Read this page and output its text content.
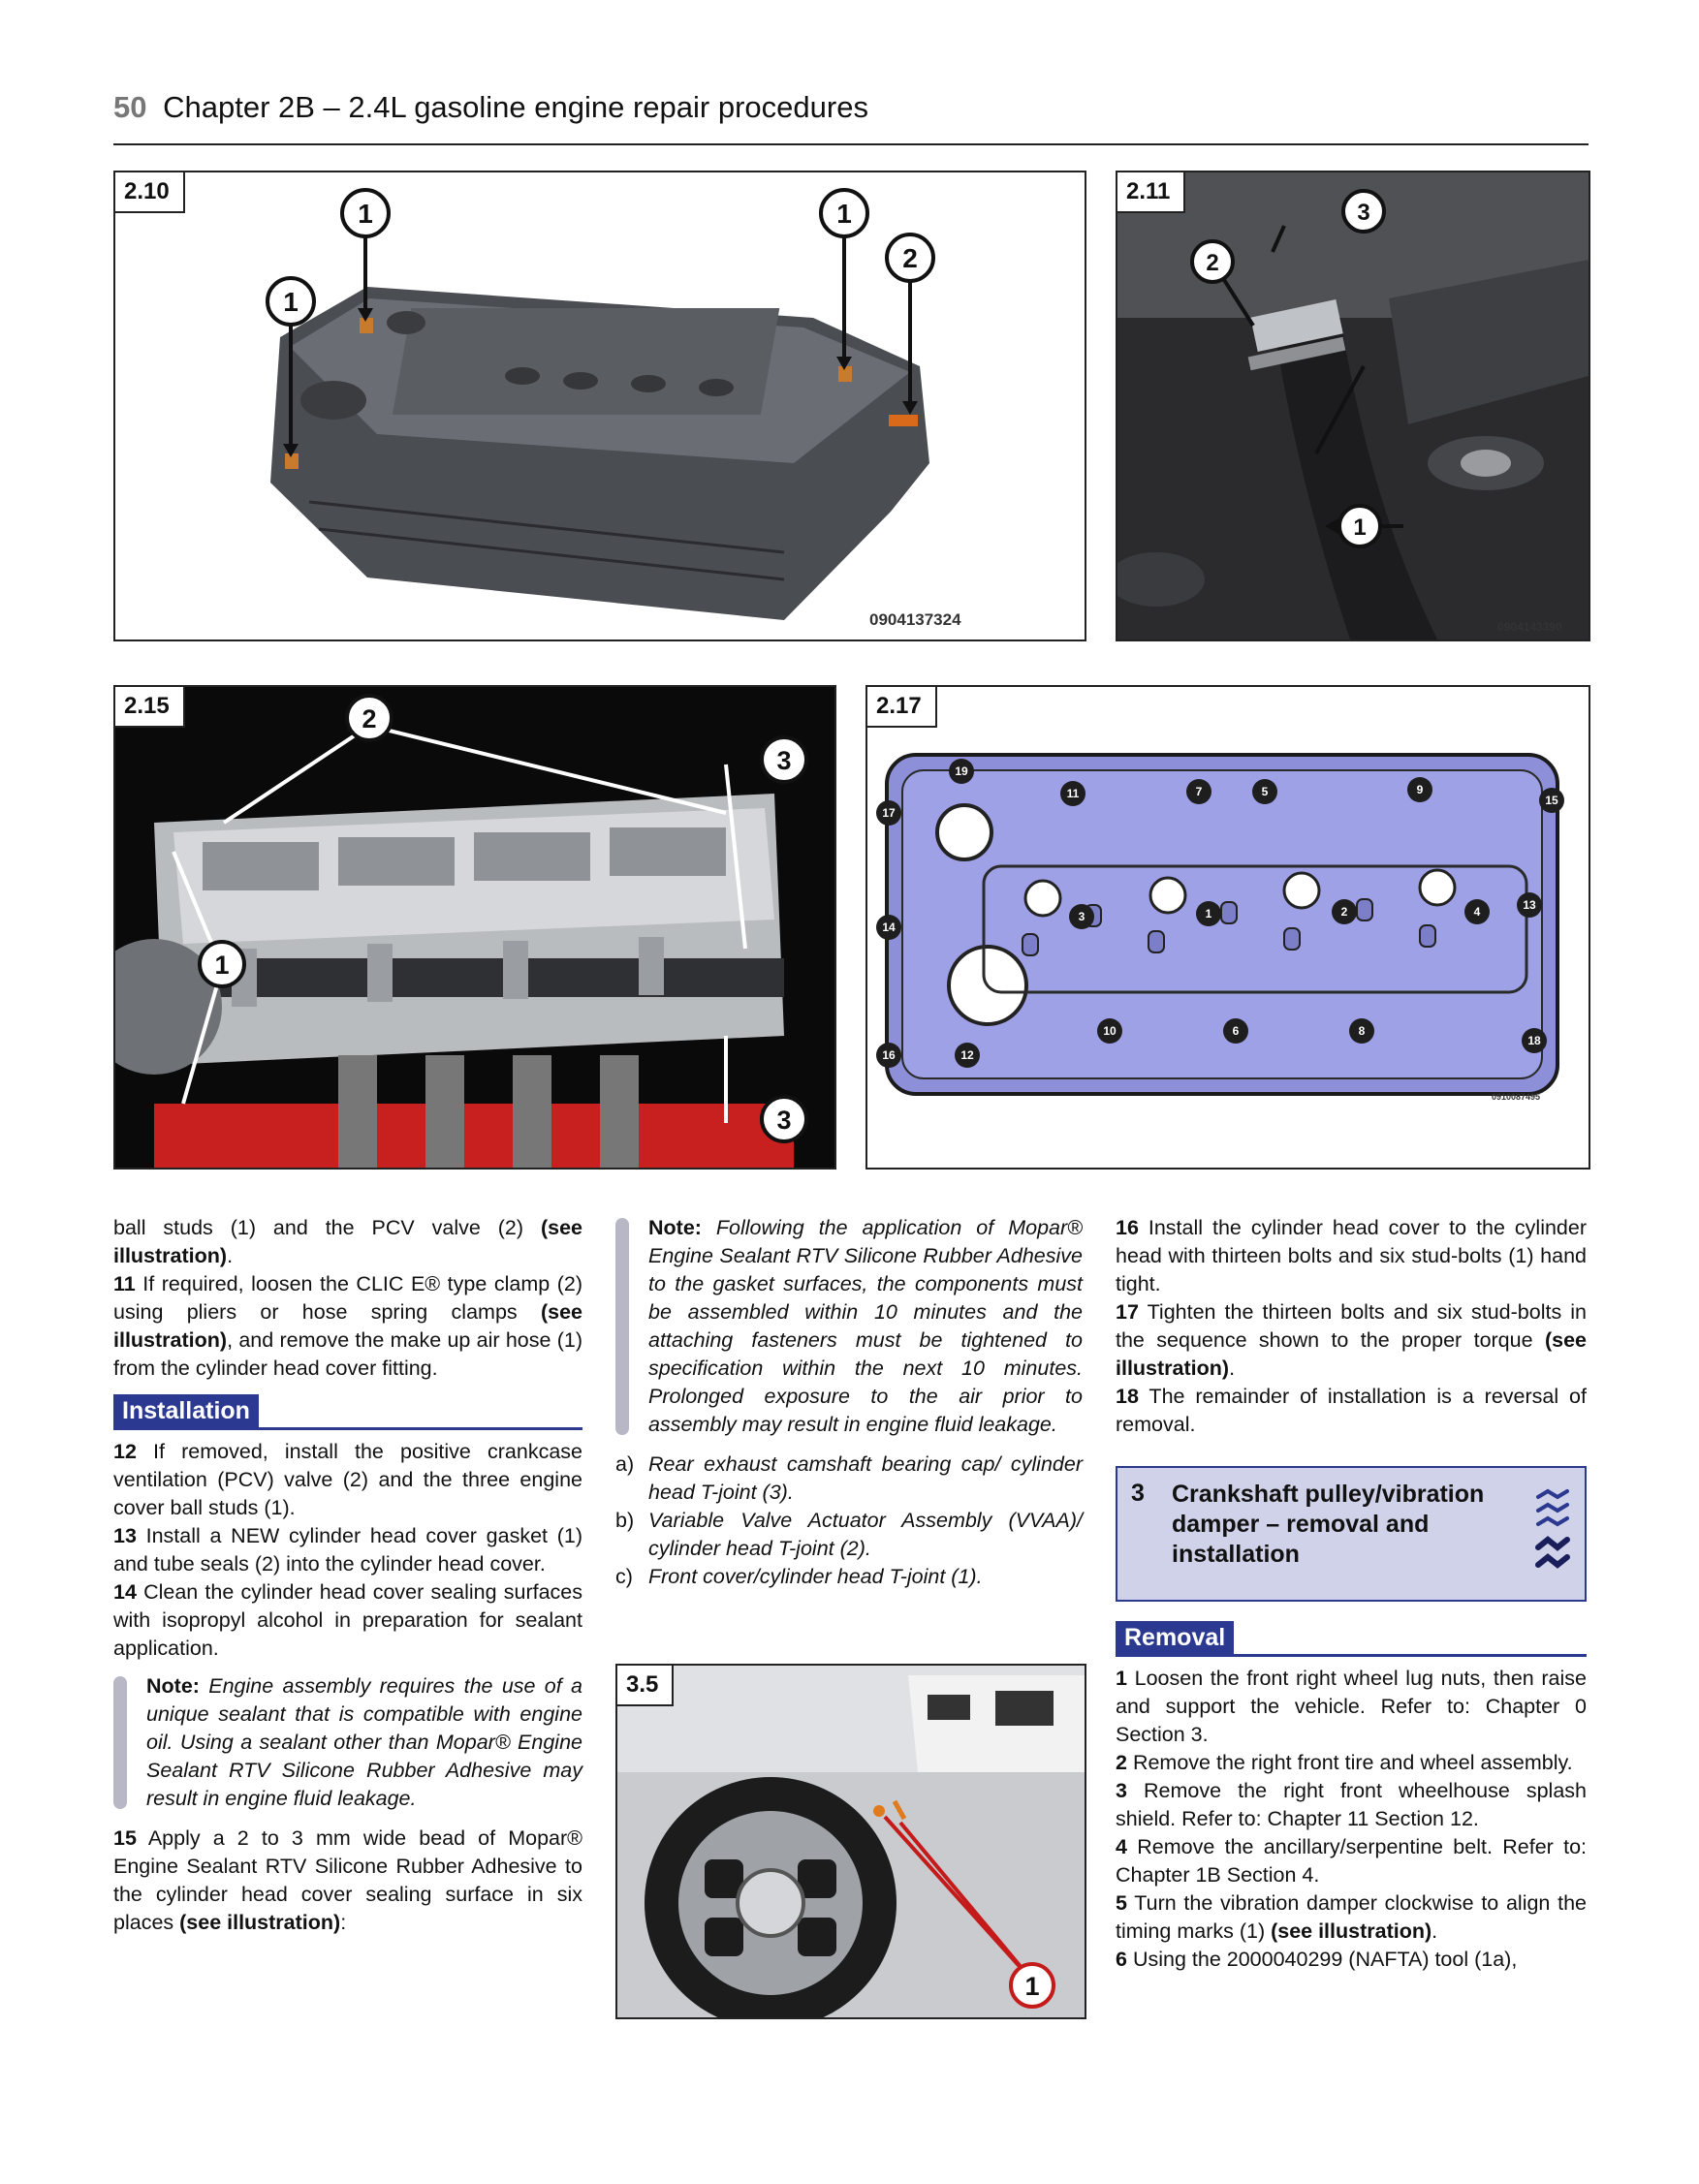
50 Chapter 2B – 2.4L gasoline engine repair procedures
2.10
1
1	1
2
0904137324
2.11
1
2
3
0904143390
2.15
1
2
3
3
2.17
1	2
3	4
5
6
7
8
9
10
11
12
13
14
15
16
17
18
19
0910087495
3.5
1

ball studs (1) and the PCV valve (2) (see illustration).

11 If required, loosen the CLIC E® type clamp (2) using pliers or hose spring clamps (see illustration), and remove the make up air hose (1) from the cylinder head cover fitting.

Installation

12 If removed, install the positive crankcase ventilation (PCV) valve (2) and the three engine cover ball studs (1).

13 Install a NEW cylinder head cover gasket (1) and tube seals (2) into the cylinder head cover.

14 Clean the cylinder head cover sealing surfaces with isopropyl alcohol in preparation for sealant application.

Note: Engine assembly requires the use of a unique sealant that is compatible with engine oil. Using a sealant other than Mopar® Engine Sealant RTV Silicone Rubber Adhesive may result in engine fluid leakage.

15 Apply a 2 to 3 mm wide bead of Mopar® Engine Sealant RTV Silicone Rubber Adhesive to the cylinder head cover sealing surface in six places (see illustration):

Note: Following the application of Mopar® Engine Sealant RTV Silicone Rubber Adhesive to the gasket surfaces, the components must be assembled within 10 minutes and the attaching fasteners must be tightened to specification within the next 10 minutes. Prolonged exposure to the air prior to assembly may result in engine fluid leakage.
a) Rear exhaust camshaft bearing cap/ cylinder head T-joint (3).
b) Variable Valve Actuator Assembly (VVAA)/ cylinder head T-joint (2).
c) Front cover/cylinder head T-joint (1).

16 Install the cylinder head cover to the cylinder head with thirteen bolts and six stud-bolts (1) hand tight.

17 Tighten the thirteen bolts and six stud-bolts in the sequence shown to the proper torque (see illustration).

18 The remainder of installation is a reversal of removal.

3 Crankshaft pulley/vibration damper – removal and installation
Removal

1 Loosen the front right wheel lug nuts, then raise and support the vehicle. Refer to: Chapter 0 Section 3.

2 Remove the right front tire and wheel assembly.

3 Remove the right front wheelhouse splash shield. Refer to: Chapter 11 Section 12.

4 Remove the ancillary/serpentine belt. Refer to: Chapter 1B Section 4.

5 Turn the vibration damper clockwise to align the timing marks (1) (see illustration).

6 Using the 2000040299 (NAFTA) tool (1a),
